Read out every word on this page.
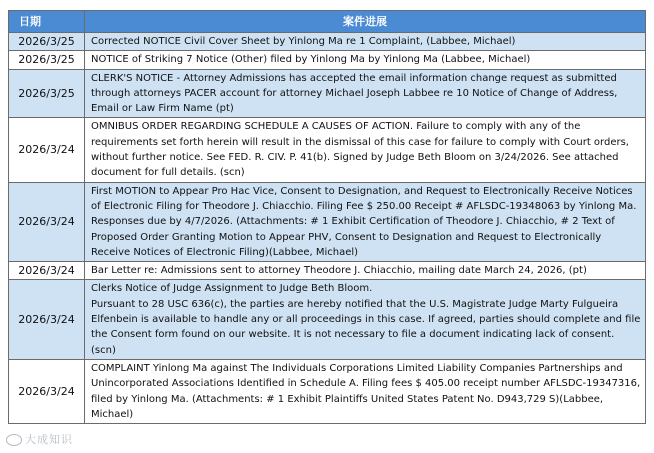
日期	案件进展
2026/3/25	Corrected NOTICE Civil Cover Sheet by Yinlong Ma re 1 Complaint, (Labbee, Michael)
2026/3/25	NOTICE of Striking 7 Notice (Other) filed by Yinlong Ma by Yinlong Ma (Labbee, Michael)
2026/3/25	CLERK'S NOTICE - Attorney Admissions has accepted the email information change request as submitted through attorneys PACER account for attorney Michael Joseph Labbee re 10 Notice of Change of Address, Email or Law Firm Name (pt)
2026/3/24	OMNIBUS ORDER REGARDING SCHEDULE A CAUSES OF ACTION. Failure to comply with any of the requirements set forth herein will result in the dismissal of this case for failure to comply with Court orders, without further notice. See FED. R. CIV. P. 41(b). Signed by Judge Beth Bloom on 3/24/2026. See attached document for full details. (scn)
2026/3/24	First MOTION to Appear Pro Hac Vice, Consent to Designation, and Request to Electronically Receive Notices of Electronic Filing for Theodore J. Chiacchio. Filing Fee $ 250.00 Receipt # AFLSDC-19348063 by Yinlong Ma. Responses due by 4/7/2026. (Attachments: # 1 Exhibit Certification of Theodore J. Chiacchio, # 2 Text of Proposed Order Granting Motion to Appear PHV, Consent to Designation and Request to Electronically Receive Notices of Electronic Filing)(Labbee, Michael)
2026/3/24	Bar Letter re: Admissions sent to attorney Theodore J. Chiacchio, mailing date March 24, 2026, (pt)
2026/3/24	Clerks Notice of Judge Assignment to Judge Beth Bloom.
Pursuant to 28 USC 636(c), the parties are hereby notified that the U.S. Magistrate Judge Marty Fulgueira Elfenbein is available to handle any or all proceedings in this case. If agreed, parties should complete and file the Consent form found on our website. It is not necessary to file a document indicating lack of consent. (scn)
2026/3/24	COMPLAINT Yinlong Ma against The Individuals Corporations Limited Liability Companies Partnerships and Unincorporated Associations Identified in Schedule A. Filing fees $ 405.00 receipt number AFLSDC-19347316, filed by Yinlong Ma. (Attachments: # 1 Exhibit Plaintiffs United States Patent No. D943,729 S)(Labbee, Michael)
大成知识
